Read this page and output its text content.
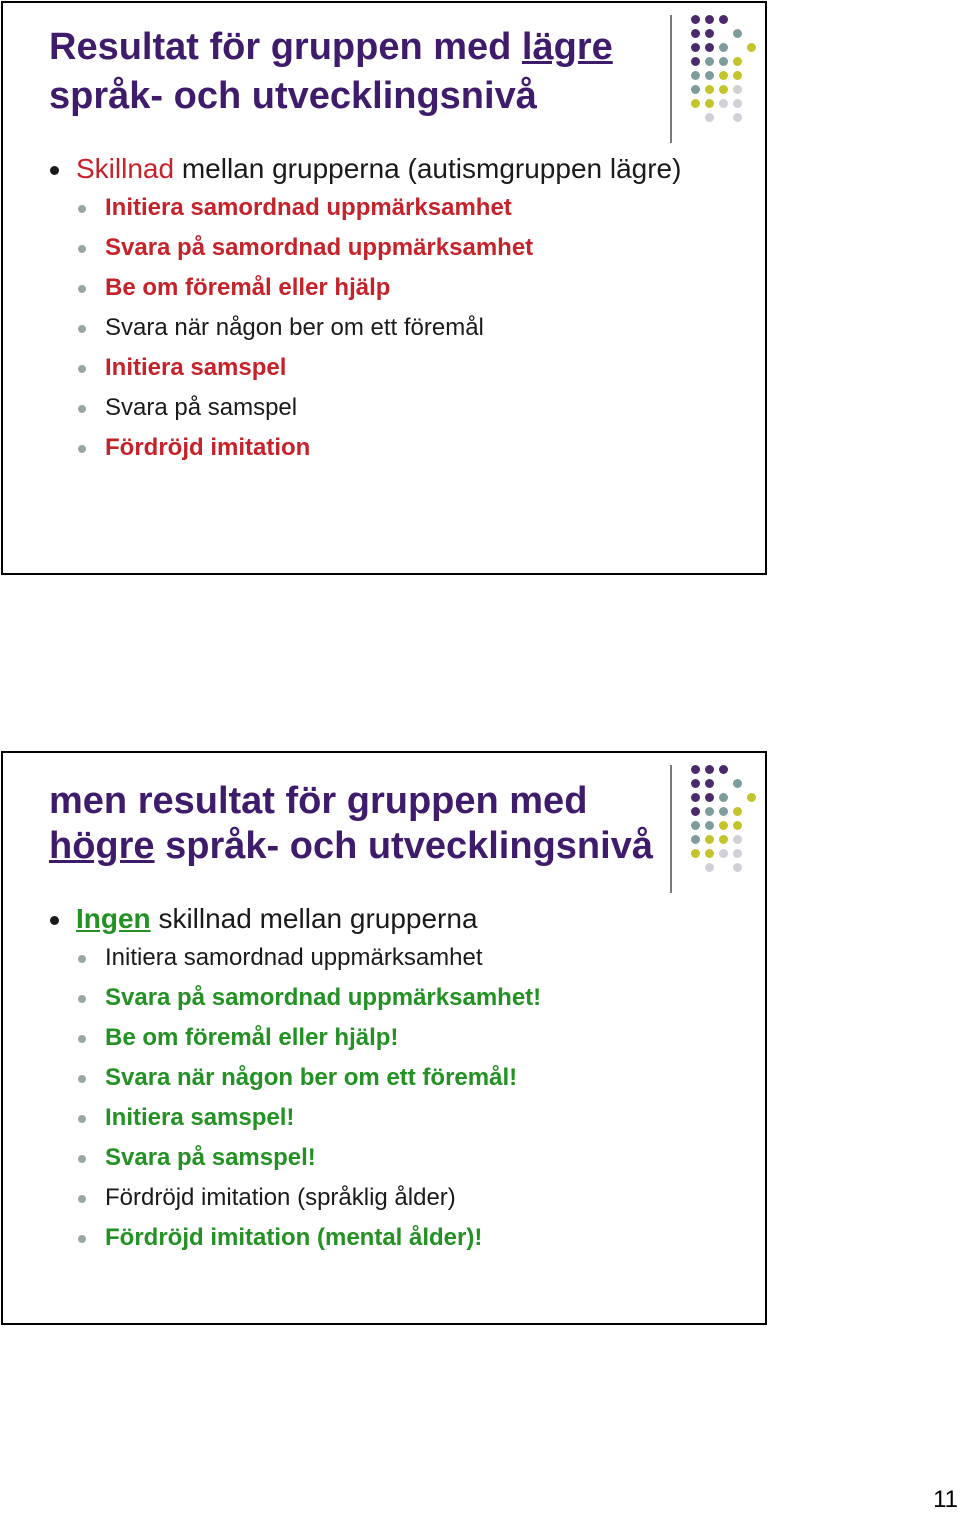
Resultat för gruppen med lägre
språk- och utvecklingsnivå

Skillnad mellan grupperna (autismgruppen lägre)

Initiera samordnad uppmärksamhet

Svara på samordnad uppmärksamhet

Be om föremål eller hjälp

Svara när någon ber om ett föremål

Initiera samspel

Svara på samspel

Fördröjd imitation

men resultat för gruppen med
högre språk- och utvecklingsnivå

Ingen skillnad mellan grupperna

Initiera samordnad uppmärksamhet

Svara på samordnad uppmärksamhet!

Be om föremål eller hjälp!

Svara när någon ber om ett föremål!

Initiera samspel!

Svara på samspel!

Fördröjd imitation (språklig ålder)

Fördröjd imitation (mental ålder)!

11
